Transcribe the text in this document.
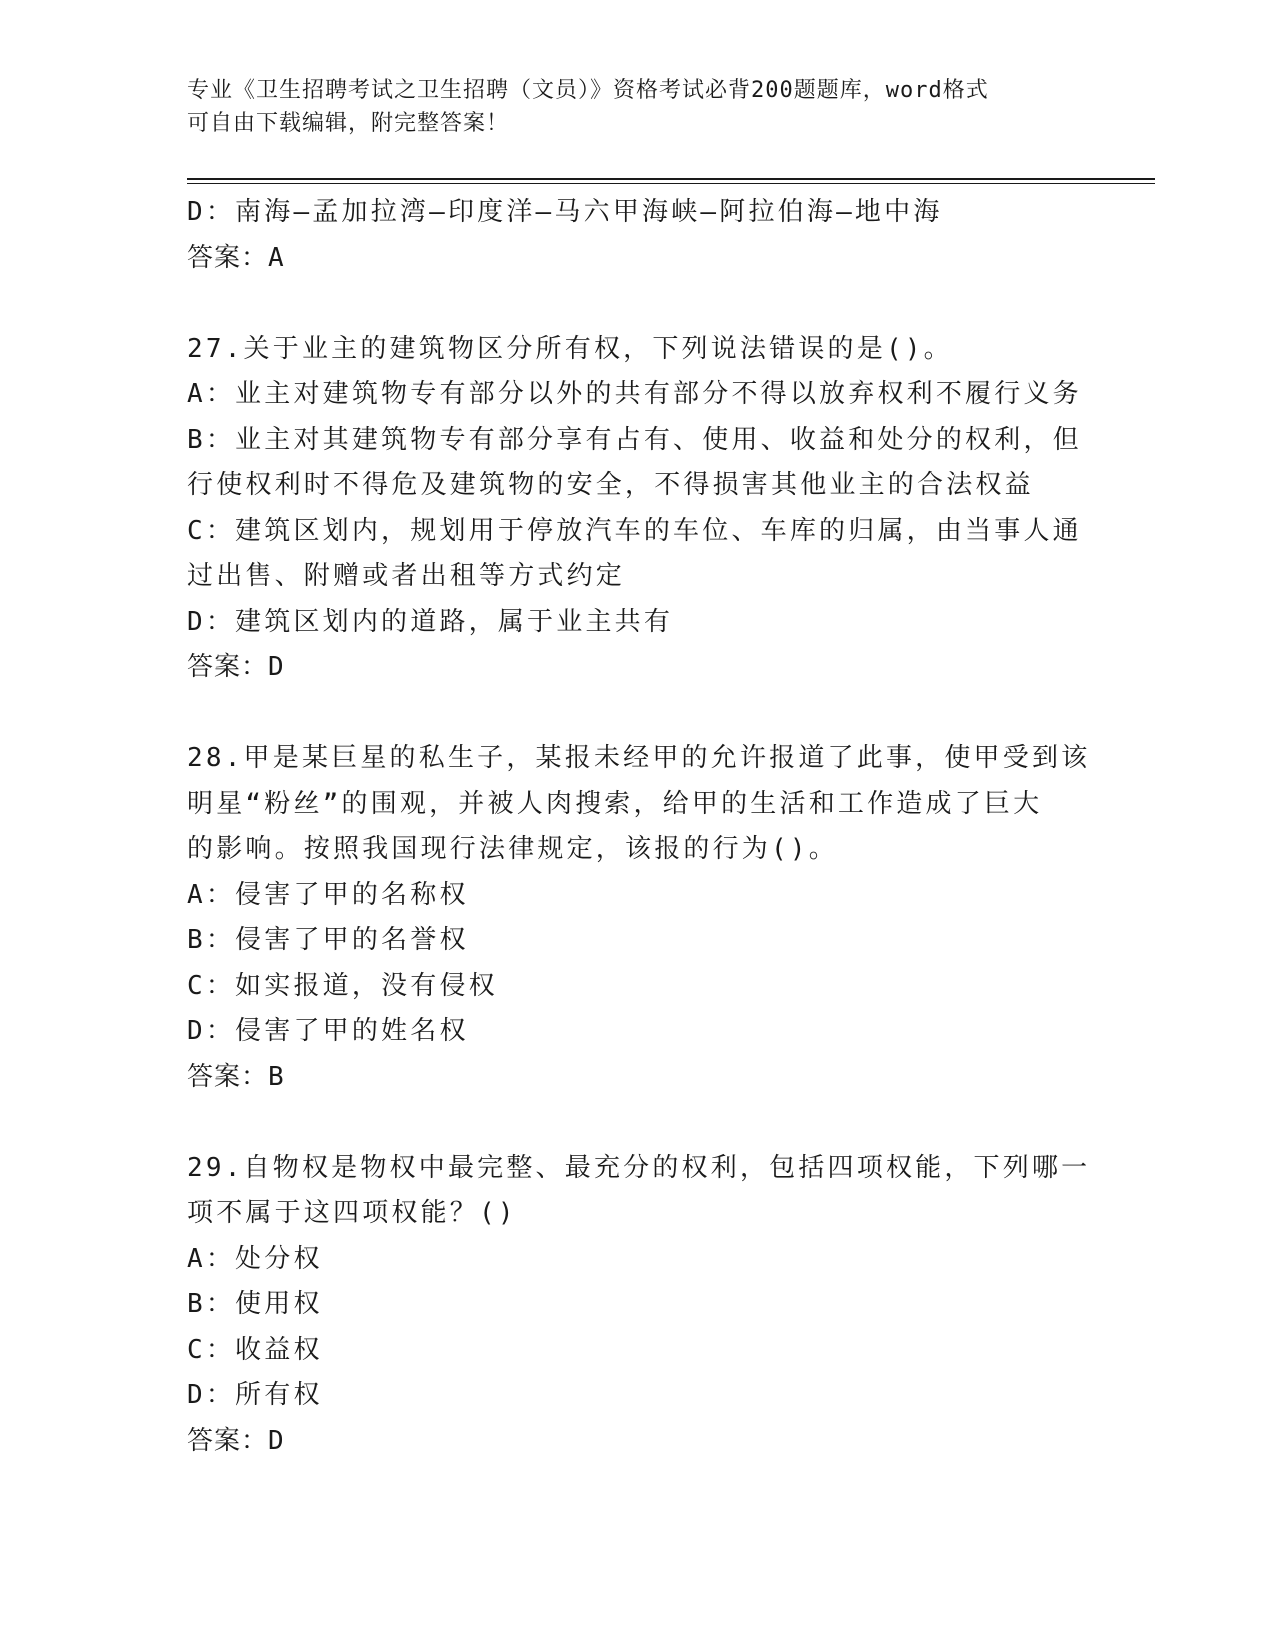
专业《卫生招聘考试之卫生招聘（文员）》资格考试必背200题题库，word格式
可自由下载编辑，附完整答案！
D：南海—孟加拉湾—印度洋—马六甲海峡—阿拉伯海—地中海
答案：A
27.关于业主的建筑物区分所有权，下列说法错误的是()。
A：业主对建筑物专有部分以外的共有部分不得以放弃权利不履行义务
B：业主对其建筑物专有部分享有占有、使用、收益和处分的权利，但
行使权利时不得危及建筑物的安全，不得损害其他业主的合法权益
C：建筑区划内，规划用于停放汽车的车位、车库的归属，由当事人通
过出售、附赠或者出租等方式约定
D：建筑区划内的道路，属于业主共有
答案：D
28.甲是某巨星的私生子，某报未经甲的允许报道了此事，使甲受到该
明星“粉丝”的围观，并被人肉搜索，给甲的生活和工作造成了巨大
的影响。按照我国现行法律规定，该报的行为()。
A：侵害了甲的名称权
B：侵害了甲的名誉权
C：如实报道，没有侵权
D：侵害了甲的姓名权
答案：B
29.自物权是物权中最完整、最充分的权利，包括四项权能，下列哪一
项不属于这四项权能？()
A：处分权
B：使用权
C：收益权
D：所有权
答案：D
